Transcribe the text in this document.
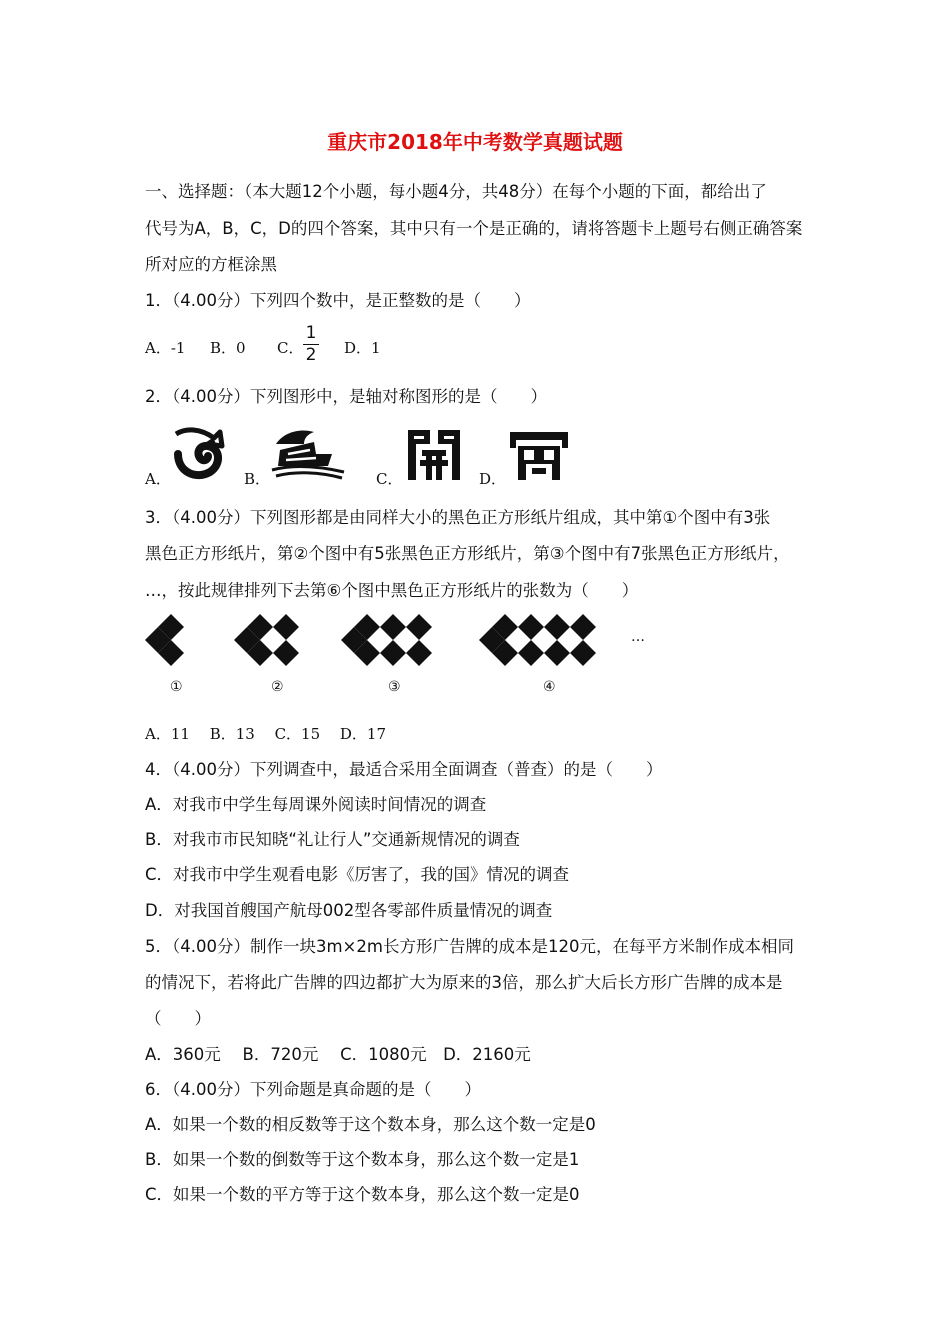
重庆市2018年中考数学真题试题
一、选择题：（本大题12个小题，每小题4分，共48分）在每个小题的下面，都给出了
代号为A，B，C，D的四个答案，其中只有一个是正确的，请将答题卡上题号右侧正确答案
所对应的方框涂黑
1．（4.00分）下列四个数中，是正整数的是（　　）
A．-1 B．0 C．
1
2 D．1
2．（4.00分）下列图形中，是轴对称图形的是（　　）
A．	B．	C．	D．
3．（4.00分）下列图形都是由同样大小的黑色正方形纸片组成，其中第①个图中有3张
黑色正方形纸片，第②个图中有5张黑色正方形纸片，第③个图中有7张黑色正方形纸片，
…，按此规律排列下去第⑥个图中黑色正方形纸片的张数为（　　）
①	②	③	④
…
A．11　 B．13　 C．15　 D．17
4．（4.00分）下列调查中，最适合采用全面调查（普查）的是（　　）
A．对我市中学生每周课外阅读时间情况的调查
B．对我市市民知晓“礼让行人”交通新规情况的调查
C．对我市中学生观看电影《厉害了，我的国》情况的调查
D．对我国首艘国产航母002型各零部件质量情况的调查
5．（4.00分）制作一块3m×2m长方形广告牌的成本是120元，在每平方米制作成本相同
的情况下，若将此广告牌的四边都扩大为原来的3倍，那么扩大后长方形广告牌的成本是
（　　）
A．360元　 B．720元　 C．1080元　D．2160元
6．（4.00分）下列命题是真命题的是（　　）
A．如果一个数的相反数等于这个数本身，那么这个数一定是0
B．如果一个数的倒数等于这个数本身，那么这个数一定是1
C．如果一个数的平方等于这个数本身，那么这个数一定是0
